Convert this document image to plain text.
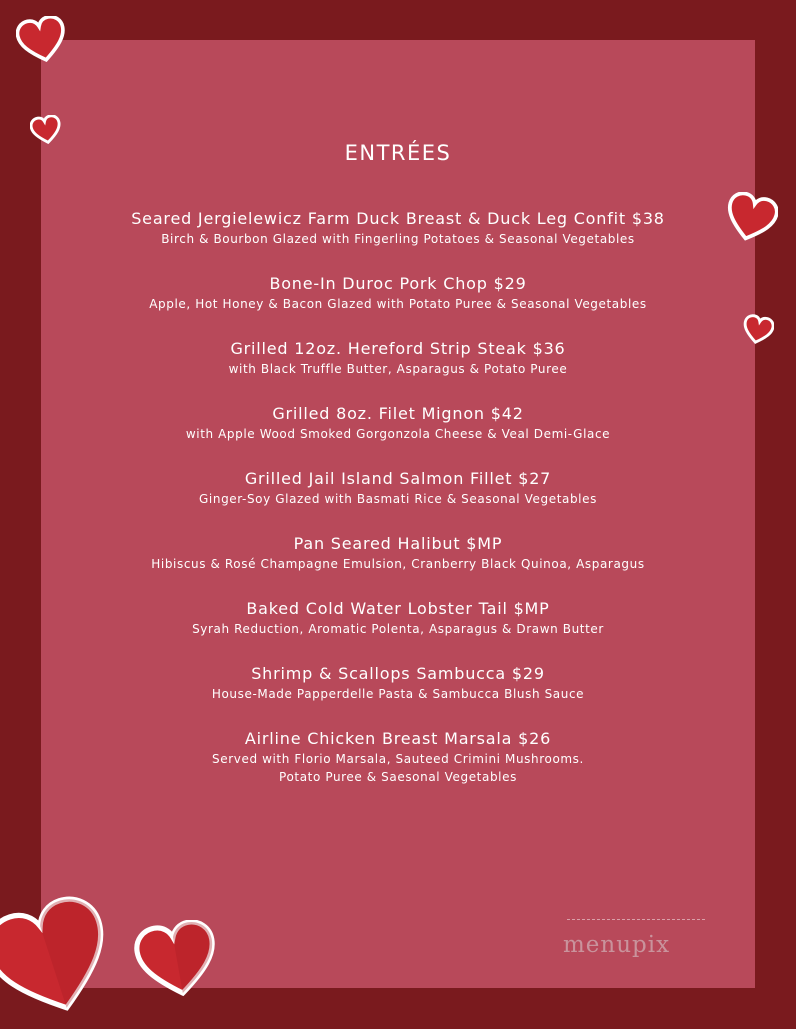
ENTRÉES
Seared Jergielewicz Farm Duck Breast & Duck Leg Confit $38
Birch & Bourbon Glazed with Fingerling Potatoes & Seasonal Vegetables
Bone-In Duroc Pork Chop $29
Apple, Hot Honey & Bacon Glazed with Potato Puree & Seasonal Vegetables
Grilled 12oz. Hereford Strip Steak $36
with Black Truffle Butter, Asparagus & Potato Puree
Grilled 8oz. Filet Mignon $42
with Apple Wood Smoked Gorgonzola Cheese & Veal Demi-Glace
Grilled Jail Island Salmon Fillet $27
Ginger-Soy Glazed with Basmati Rice & Seasonal Vegetables
Pan Seared Halibut $MP
Hibiscus & Rosé Champagne Emulsion, Cranberry Black Quinoa, Asparagus
Baked Cold Water Lobster Tail $MP
Syrah Reduction, Aromatic Polenta, Asparagus & Drawn Butter
Shrimp & Scallops Sambucca $29
House-Made Papperdelle Pasta & Sambucca Blush Sauce
Airline Chicken Breast Marsala $26
Served with Florio Marsala, Sauteed Crimini Mushrooms.
Potato Puree & Saesonal Vegetables
menupix
